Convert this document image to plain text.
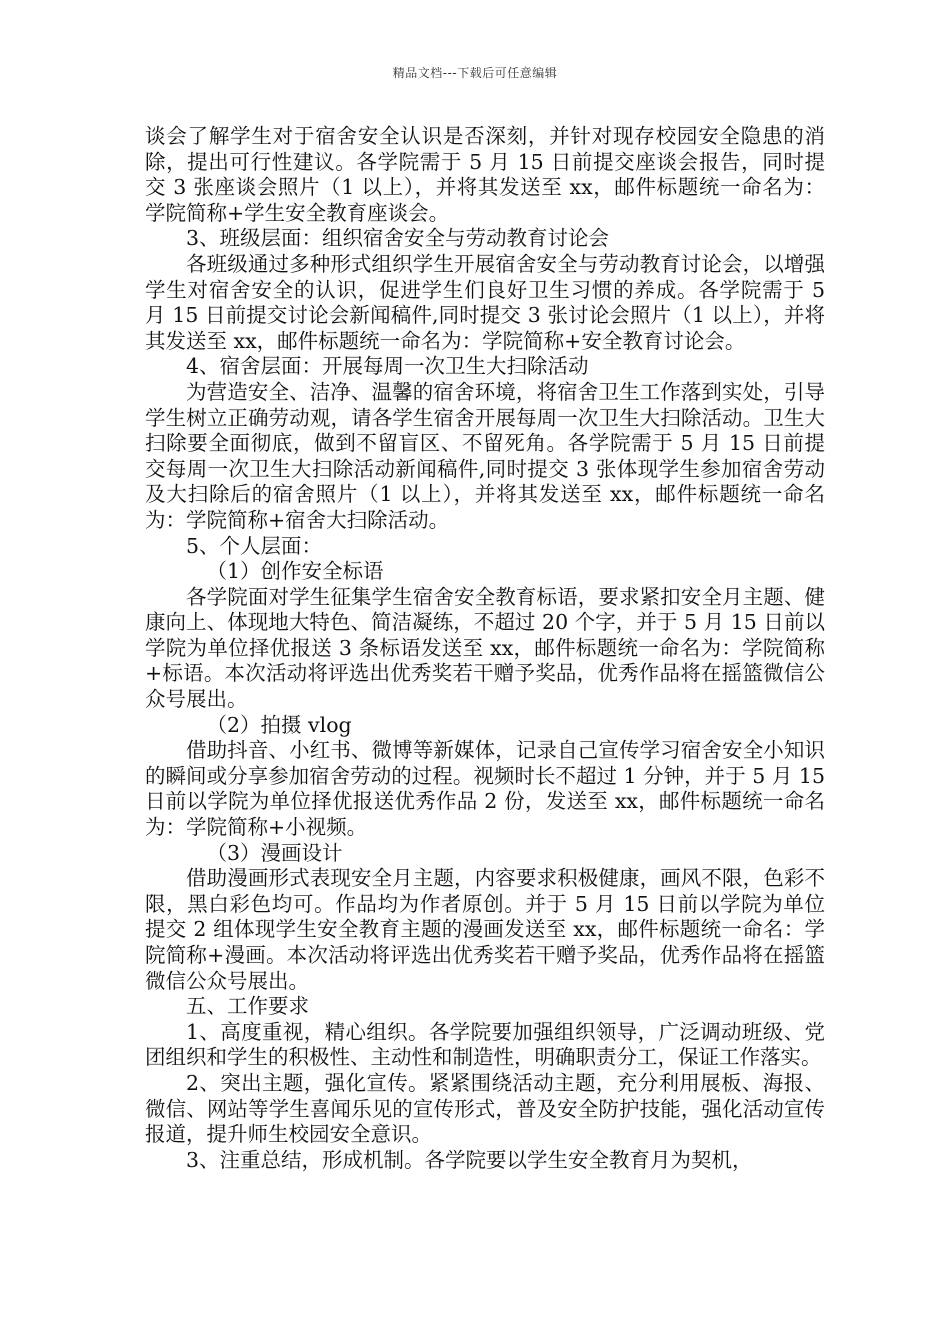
精品文档---下载后可任意编辑

谈会了解学生对于宿舍安全认识是否深刻，并针对现存校园安全隐患的消除，提出可行性建议。各学院需于 5 月 15 日前提交座谈会报告，同时提交 3 张座谈会照片（1 以上），并将其发送至 xx，邮件标题统一命名为：学院简称+学生安全教育座谈会。

3、班级层面：组织宿舍安全与劳动教育讨论会

各班级通过多种形式组织学生开展宿舍安全与劳动教育讨论会，以增强学生对宿舍安全的认识，促进学生们良好卫生习惯的养成。各学院需于 5 月 15 日前提交讨论会新闻稿件,同时提交 3 张讨论会照片（1 以上），并将其发送至 xx，邮件标题统一命名为：学院简称+安全教育讨论会。

4、宿舍层面：开展每周一次卫生大扫除活动

为营造安全、洁净、温馨的宿舍环境，将宿舍卫生工作落到实处，引导学生树立正确劳动观，请各学生宿舍开展每周一次卫生大扫除活动。卫生大扫除要全面彻底，做到不留盲区、不留死角。各学院需于 5 月 15 日前提交每周一次卫生大扫除活动新闻稿件,同时提交 3 张体现学生参加宿舍劳动及大扫除后的宿舍照片（1 以上），并将其发送至 xx，邮件标题统一命名为：学院简称+宿舍大扫除活动。

5、个人层面：

（1）创作安全标语

各学院面对学生征集学生宿舍安全教育标语，要求紧扣安全月主题、健康向上、体现地大特色、简洁凝练，不超过 20 个字，并于 5 月 15 日前以学院为单位择优报送 3 条标语发送至 xx，邮件标题统一命名为：学院简称+标语。本次活动将评选出优秀奖若干赠予奖品，优秀作品将在摇篮微信公众号展出。

（2）拍摄 vlog

借助抖音、小红书、微博等新媒体，记录自己宣传学习宿舍安全小知识的瞬间或分享参加宿舍劳动的过程。视频时长不超过 1 分钟，并于 5 月 15 日前以学院为单位择优报送优秀作品 2 份，发送至 xx，邮件标题统一命名为：学院简称+小视频。

（3）漫画设计

借助漫画形式表现安全月主题，内容要求积极健康，画风不限，色彩不限，黑白彩色均可。作品均为作者原创。并于 5 月 15 日前以学院为单位提交 2 组体现学生安全教育主题的漫画发送至 xx，邮件标题统一命名：学院简称+漫画。本次活动将评选出优秀奖若干赠予奖品，优秀作品将在摇篮微信公众号展出。

五、工作要求

1、高度重视，精心组织。各学院要加强组织领导，广泛调动班级、党团组织和学生的积极性、主动性和制造性，明确职责分工，保证工作落实。

2、突出主题，强化宣传。紧紧围绕活动主题，充分利用展板、海报、微信、网站等学生喜闻乐见的宣传形式，普及安全防护技能，强化活动宣传报道，提升师生校园安全意识。

3、注重总结，形成机制。各学院要以学生安全教育月为契机，
